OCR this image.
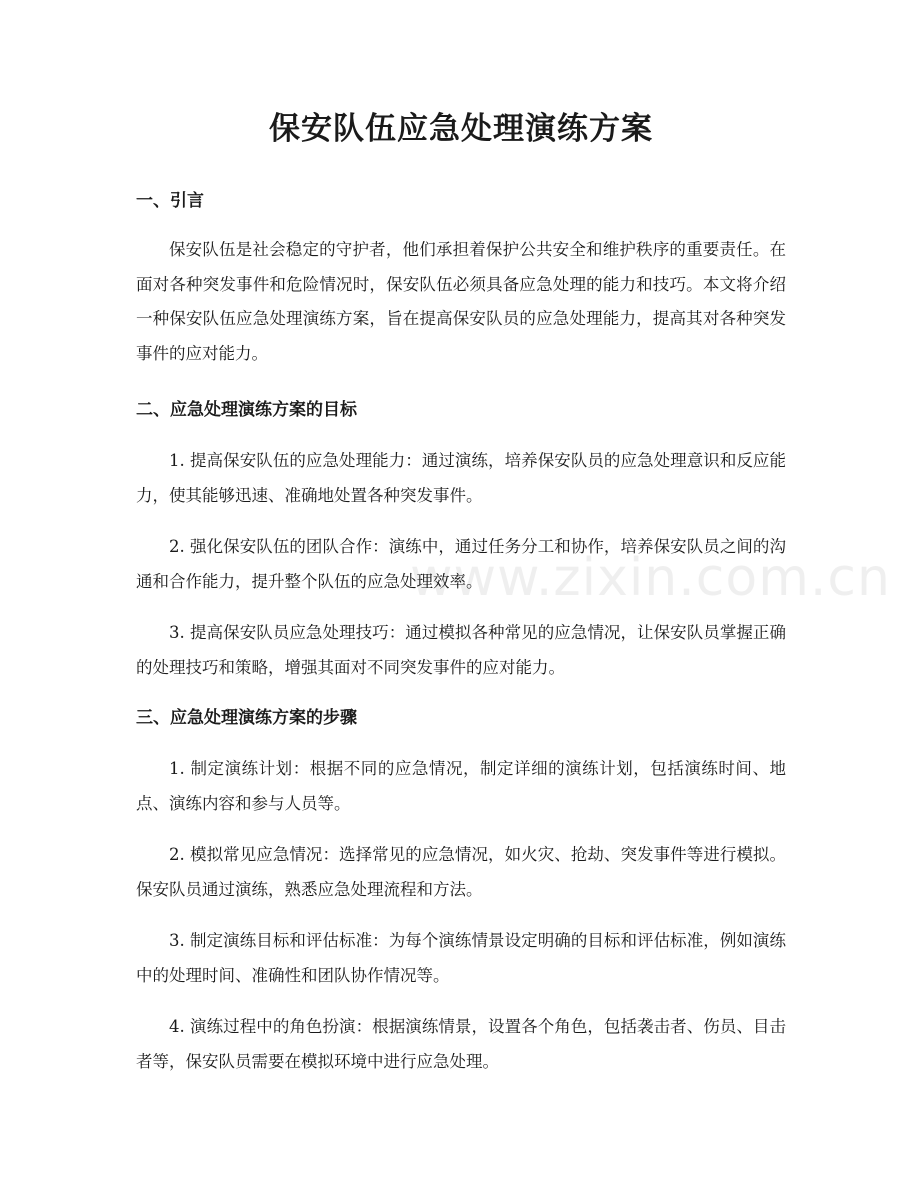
www.zixin.com.cn
保安队伍应急处理演练方案
一、引言

保安队伍是社会稳定的守护者，他们承担着保护公共安全和维护秩序的重要责任。在面对各种突发事件和危险情况时，保安队伍必须具备应急处理的能力和技巧。本文将介绍一种保安队伍应急处理演练方案，旨在提高保安队员的应急处理能力，提高其对各种突发事件的应对能力。

二、应急处理演练方案的目标

1. 提高保安队伍的应急处理能力：通过演练，培养保安队员的应急处理意识和反应能力，使其能够迅速、准确地处置各种突发事件。

2. 强化保安队伍的团队合作：演练中，通过任务分工和协作，培养保安队员之间的沟通和合作能力，提升整个队伍的应急处理效率。

3. 提高保安队员应急处理技巧：通过模拟各种常见的应急情况，让保安队员掌握正确的处理技巧和策略，增强其面对不同突发事件的应对能力。

三、应急处理演练方案的步骤

1. 制定演练计划：根据不同的应急情况，制定详细的演练计划，包括演练时间、地点、演练内容和参与人员等。

2. 模拟常见应急情况：选择常见的应急情况，如火灾、抢劫、突发事件等进行模拟。保安队员通过演练，熟悉应急处理流程和方法。

3. 制定演练目标和评估标准：为每个演练情景设定明确的目标和评估标准，例如演练中的处理时间、准确性和团队协作情况等。

4. 演练过程中的角色扮演：根据演练情景，设置各个角色，包括袭击者、伤员、目击者等，保安队员需要在模拟环境中进行应急处理。
